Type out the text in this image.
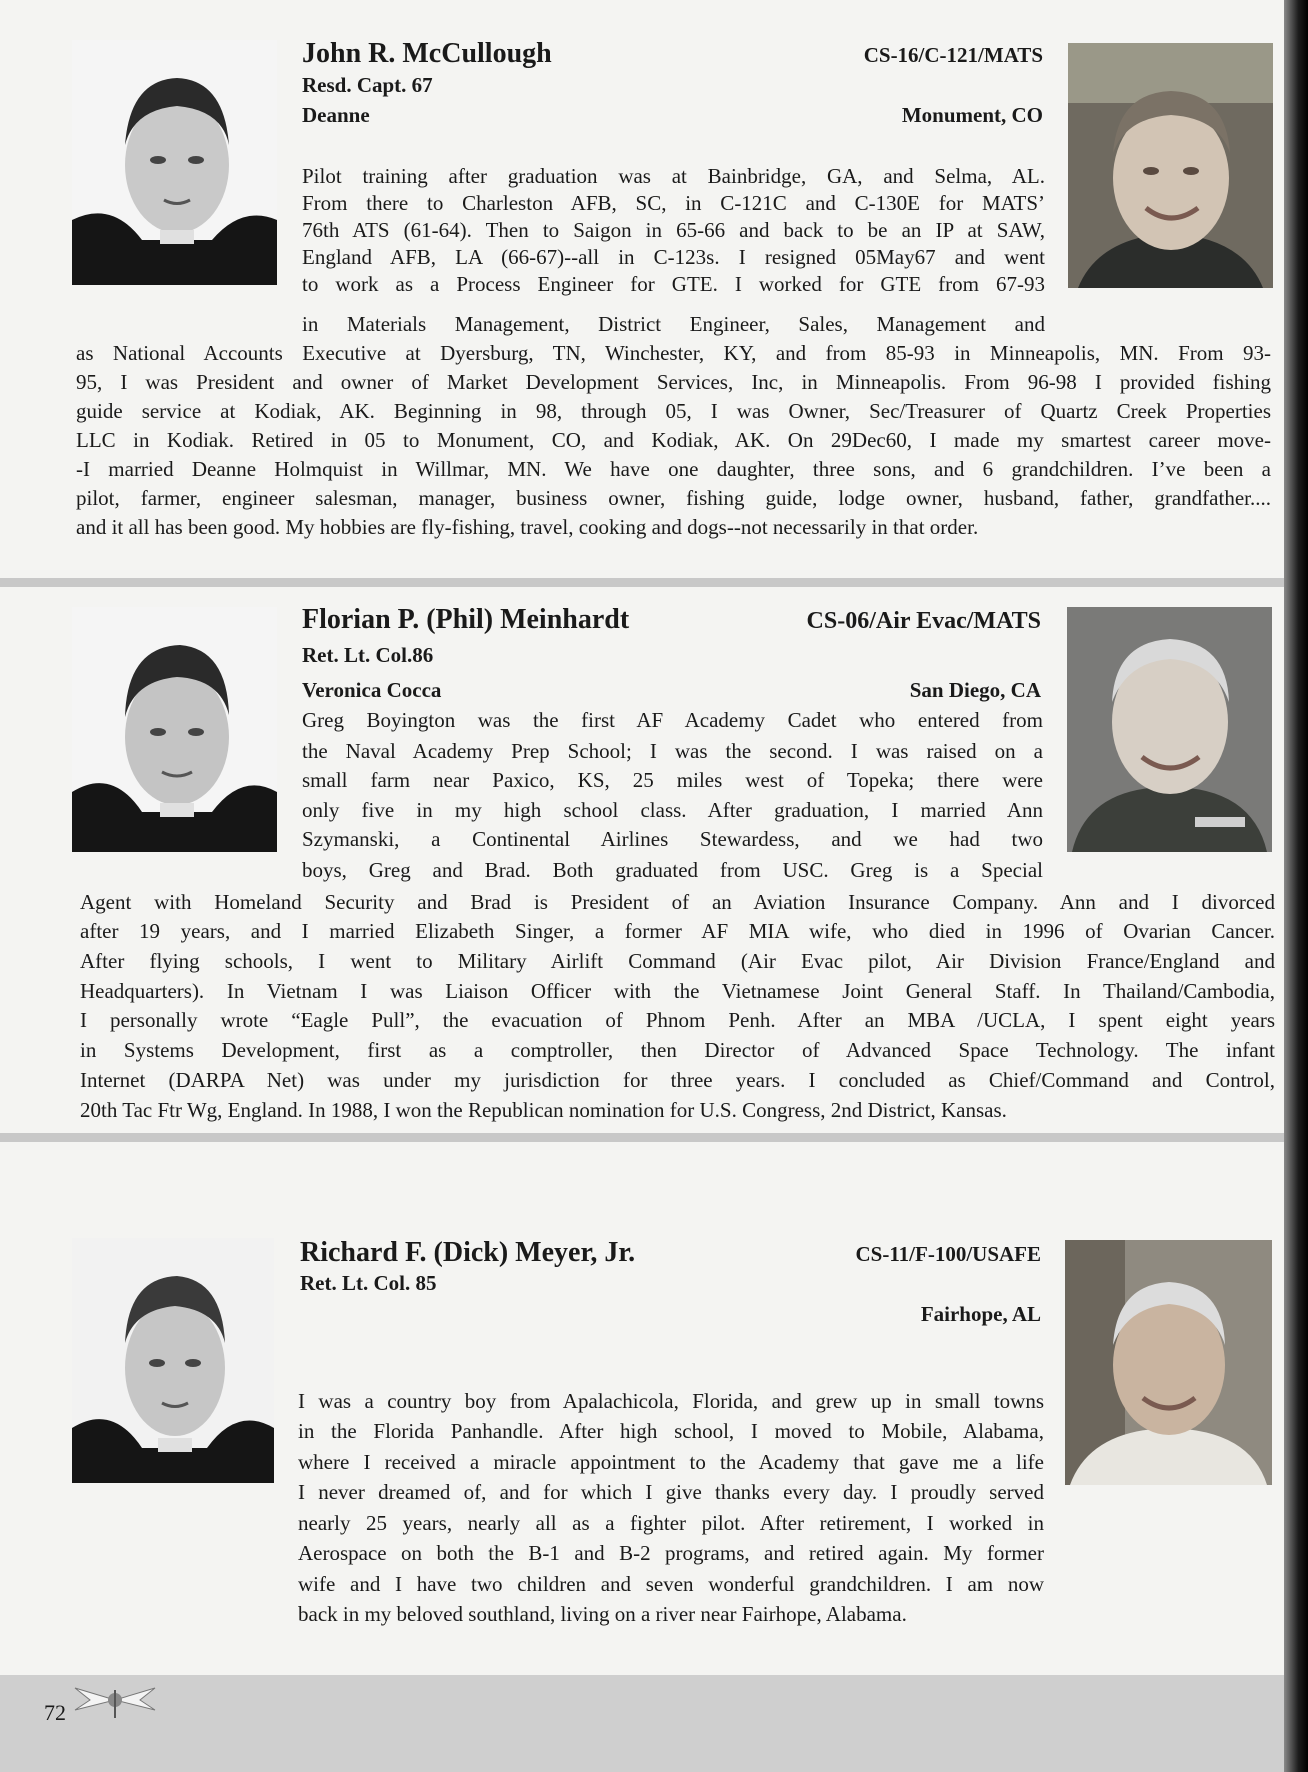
John R. McCullough
Resd. Capt. 67
Deanne
CS-16/C-121/MATS
Monument, CO
Pilot training after graduation was at Bainbridge, GA, and Selma, AL.
From there to Charleston AFB, SC, in C-121C and C-130E for MATS’
76th ATS (61-64). Then to Saigon in 65-66 and back to be an IP at SAW,
England AFB, LA (66-67)--all in C-123s. I resigned 05May67 and went
to work as a Process Engineer for GTE. I worked for GTE from 67-93
in Materials Management, District Engineer, Sales, Management and
as National Accounts Executive at Dyersburg, TN, Winchester, KY, and from 85-93 in Minneapolis, MN. From 93-
95, I was President and owner of Market Development Services, Inc, in Minneapolis. From 96-98 I provided fishing
guide service at Kodiak, AK. Beginning in 98, through 05, I was Owner, Sec/Treasurer of Quartz Creek Properties
LLC in Kodiak. Retired in 05 to Monument, CO, and Kodiak, AK. On 29Dec60, I made my smartest career move-
-I married Deanne Holmquist in Willmar, MN. We have one daughter, three sons, and 6 grandchildren. I’ve been a
pilot, farmer, engineer salesman, manager, business owner, fishing guide, lodge owner, husband, father, grandfather....
and it all has been good. My hobbies are fly-fishing, travel, cooking and dogs--not necessarily in that order.
Florian P. (Phil) Meinhardt
Ret. Lt. Col.86
Veronica Cocca
CS-06/Air Evac/MATS
San Diego, CA
Greg Boyington was the first AF Academy Cadet who entered from
the Naval Academy Prep School; I was the second. I was raised on a
small farm near Paxico, KS, 25 miles west of Topeka; there were
only five in my high school class. After graduation, I married Ann
Szymanski, a Continental Airlines Stewardess, and we had two
boys, Greg and Brad. Both graduated from USC. Greg is a Special
Agent with Homeland Security and Brad is President of an Aviation Insurance Company. Ann and I divorced
after 19 years, and I married Elizabeth Singer, a former AF MIA wife, who died in 1996 of Ovarian Cancer.
After flying schools, I went to Military Airlift Command (Air Evac pilot, Air Division France/England and
Headquarters). In Vietnam I was Liaison Officer with the Vietnamese Joint General Staff. In Thailand/Cambodia,
I personally wrote “Eagle Pull”, the evacuation of Phnom Penh. After an MBA /UCLA, I spent eight years
in Systems Development, first as a comptroller, then Director of Advanced Space Technology. The infant
Internet (DARPA Net) was under my jurisdiction for three years. I concluded as Chief/Command and Control,
20th Tac Ftr Wg, England. In 1988, I won the Republican nomination for U.S. Congress, 2nd District, Kansas.
Richard F. (Dick) Meyer, Jr.
Ret. Lt. Col. 85
CS-11/F-100/USAFE
Fairhope, AL
I was a country boy from Apalachicola, Florida, and grew up in small towns
in the Florida Panhandle. After high school, I moved to Mobile, Alabama,
where I received a miracle appointment to the Academy that gave me a life
I never dreamed of, and for which I give thanks every day. I proudly served
nearly 25 years, nearly all as a fighter pilot. After retirement, I worked in
Aerospace on both the B-1 and B-2 programs, and retired again. My former
wife and I have two children and seven wonderful grandchildren. I am now
back in my beloved southland, living on a river near Fairhope, Alabama.
72
